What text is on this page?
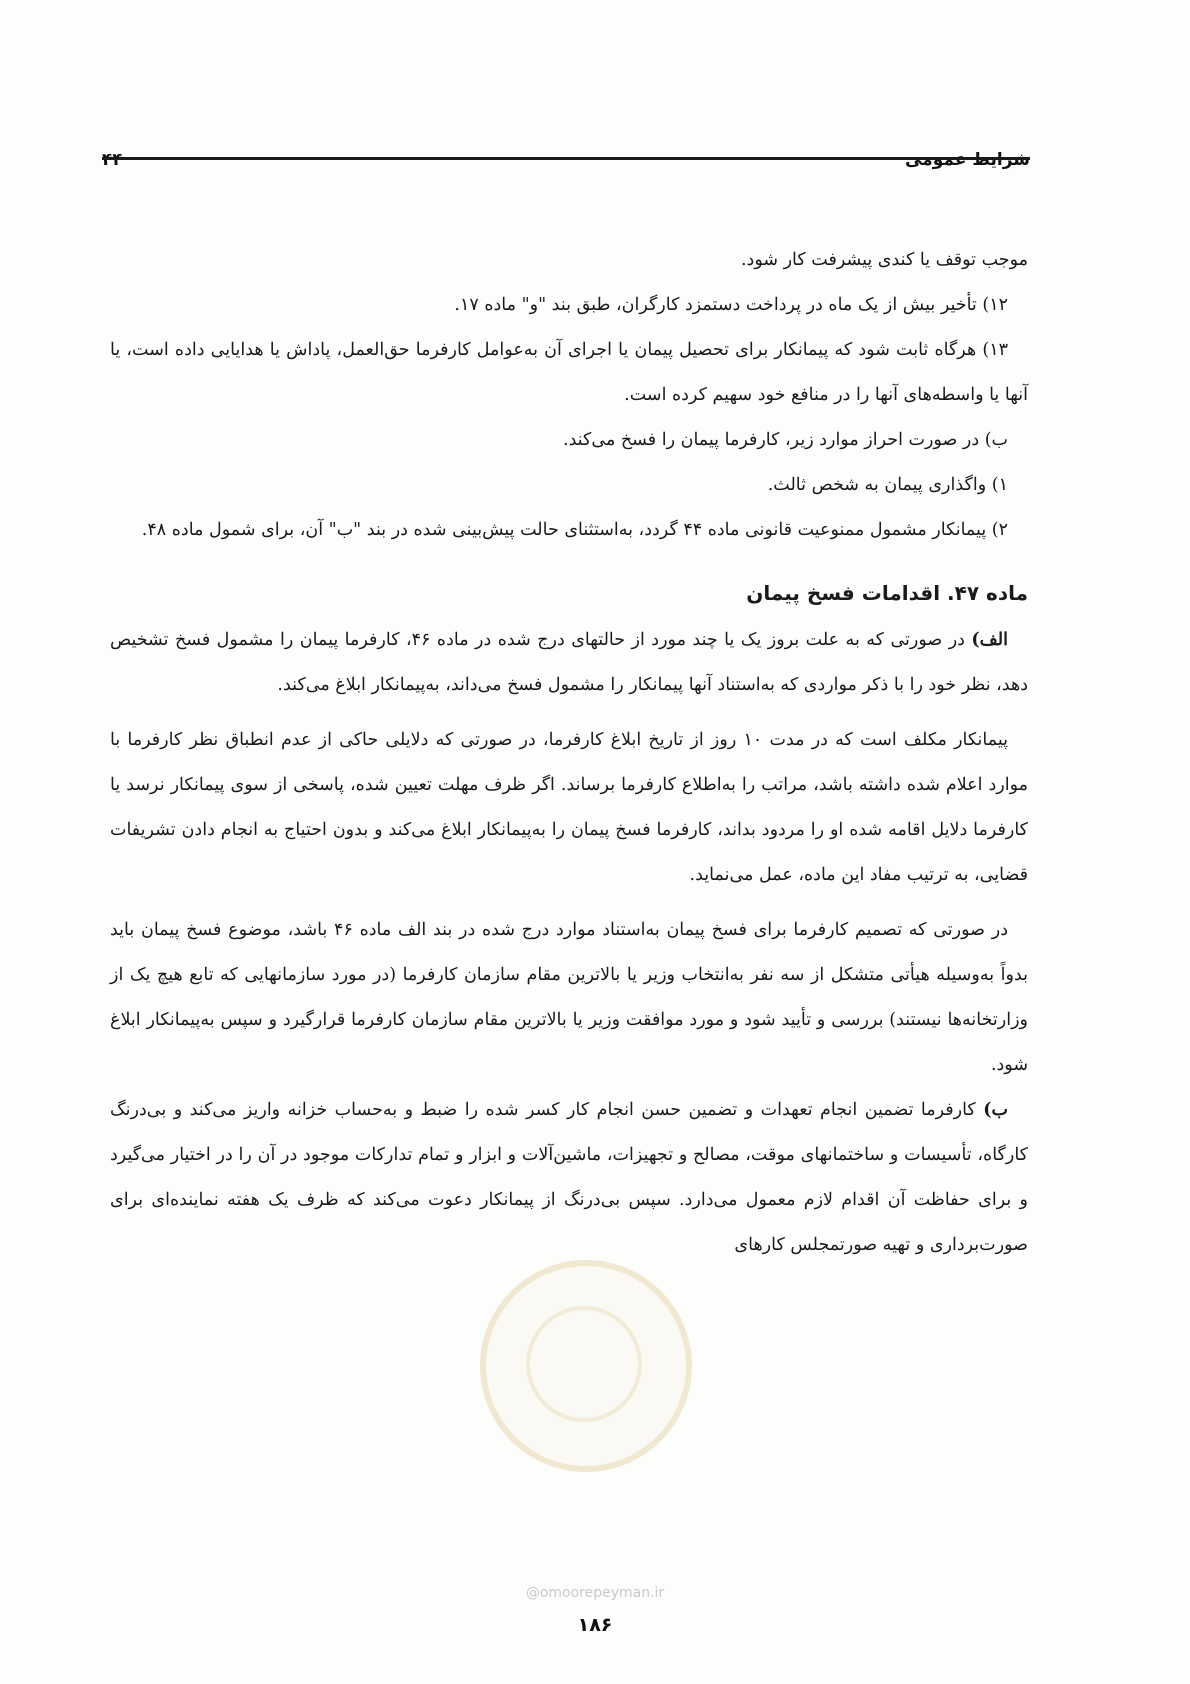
شرایط عمومی
۴۴

موجب توقف یا کندی پیشرفت کار شود.

۱۲) تأخیر بیش از یک ماه در پرداخت دستمزد کارگران، طبق بند "و" ماده ۱۷.

۱۳) هرگاه ثابت شود که پیمانکار برای تحصیل پیمان یا اجرای آن به‌عوامل کارفرما حق‌العمل، پاداش یا هدایایی داده است، یا آنها یا واسطه‌های آنها را در منافع خود سهیم کرده است.

ب) در صورت احراز موارد زیر، کارفرما پیمان را فسخ می‌کند.

۱) واگذاری پیمان به شخص ثالث.

۲) پیمانکار مشمول ممنوعیت قانونی ماده ۴۴ گردد، به‌استثنای حالت پیش‌بینی شده در بند "ب" آن، برای شمول ماده ۴۸.

ماده ۴۷. اقدامات فسخ پیمان

الف) در صورتی که به علت بروز یک یا چند مورد از حالتهای درج شده در ماده ۴۶، کارفرما پیمان را مشمول فسخ تشخیص دهد، نظر خود را با ذکر مواردی که به‌استناد آنها پیمانکار را مشمول فسخ می‌داند، به‌پیمانکار ابلاغ می‌کند.

پیمانکار مکلف است که در مدت ۱۰ روز از تاریخ ابلاغ کارفرما، در صورتی که دلایلی حاکی از عدم انطباق نظر کارفرما با موارد اعلام شده داشته باشد، مراتب را به‌اطلاع کارفرما برساند. اگر ظرف مهلت تعیین شده، پاسخی از سوی پیمانکار نرسد یا کارفرما دلایل اقامه شده او را مردود بداند، کارفرما فسخ پیمان را به‌پیمانکار ابلاغ می‌کند و بدون احتیاج به انجام دادن تشریفات قضایی، به ترتیب مفاد این ماده، عمل می‌نماید.

در صورتی که تصمیم کارفرما برای فسخ پیمان به‌استناد موارد درج شده در بند الف ماده ۴۶ باشد، موضوع فسخ پیمان باید بدواً به‌وسیله هیأتی متشکل از سه نفر به‌انتخاب وزیر یا بالاترین مقام سازمان کارفرما (در مورد سازمانهایی که تابع هیچ یک از وزارتخانه‌ها نیستند) بررسی و تأیید شود و مورد موافقت وزیر یا بالاترین مقام سازمان کارفرما قرارگیرد و سپس به‌پیمانکار ابلاغ شود.

ب) کارفرما تضمین انجام تعهدات و تضمین حسن انجام کار کسر شده را ضبط و به‌حساب خزانه واریز می‌کند و بی‌درنگ کارگاه، تأسیسات و ساختمانهای موقت، مصالح و تجهیزات، ماشین‌آلات و ابزار و تمام تدارکات موجود در آن را در اختیار می‌گیرد و برای حفاظت آن اقدام لازم معمول می‌دارد. سپس بی‌درنگ از پیمانکار دعوت می‌کند که ظرف یک هفته نماینده‌ای برای صورت‌برداری و تهیه صورتمجلس کارهای

@omoorepeyman.ir
۱۸۶
